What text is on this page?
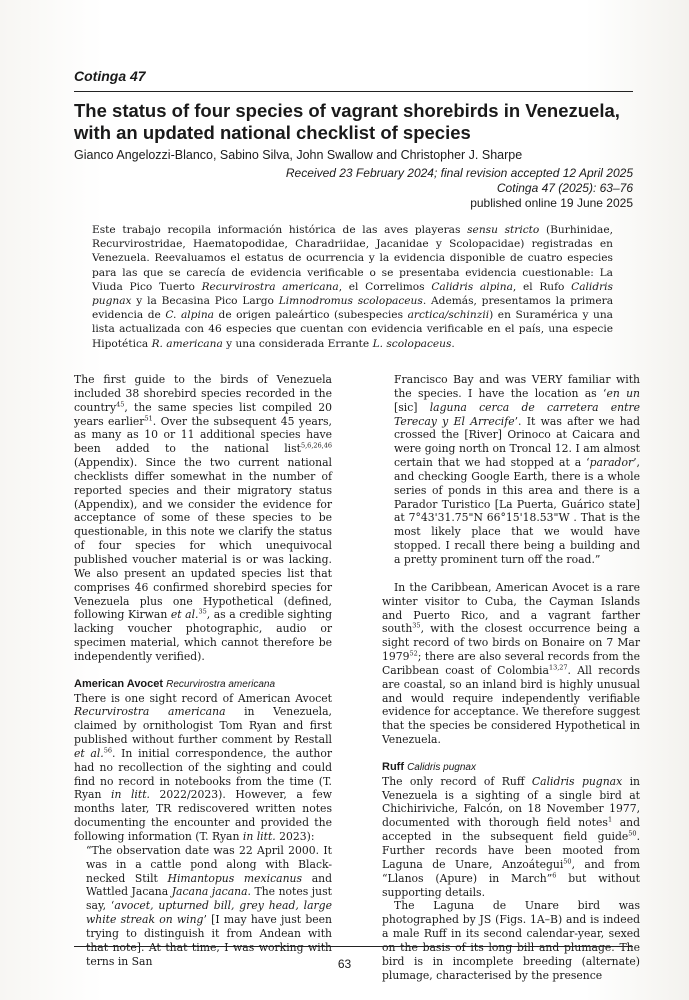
Cotinga 47
The status of four species of vagrant shorebirds in Venezuela, with an updated national checklist of species
Gianco Angelozzi-Blanco, Sabino Silva, John Swallow and Christopher J. Sharpe
Received 23 February 2024; final revision accepted 12 April 2025
Cotinga 47 (2025): 63–76
published online 19 June 2025
Este trabajo recopila información histórica de las aves playeras sensu stricto (Burhinidae, Recurvirostridae, Haematopodidae, Charadriidae, Jacanidae y Scolopacidae) registradas en Venezuela. Reevaluamos el estatus de ocurrencia y la evidencia disponible de cuatro especies para las que se carecía de evidencia verificable o se presentaba evidencia cuestionable: La Viuda Pico Tuerto Recurvirostra americana, el Correlimos Calidris alpina, el Rufo Calidris pugnax y la Becasina Pico Largo Limnodromus scolopaceus. Además, presentamos la primera evidencia de C. alpina de origen paleártico (subespecies arctica/schinzii) en Suramérica y una lista actualizada con 46 especies que cuentan con evidencia verificable en el país, una especie Hipotética R. americana y una considerada Errante L. scolopaceus.

The first guide to the birds of Venezuela included 38 shorebird species recorded in the country$^{45}$, the same species list compiled 20 years earlier$^{51}$. Over the subsequent 45 years, as many as 10 or 11 additional species have been added to the national list$^{5,6,26,46}$ (Appendix). Since the two current national checklists differ somewhat in the number of reported species and their migratory status (Appendix), and we consider the evidence for acceptance of some of these species to be questionable, in this note we clarify the status of four species for which unequivocal published voucher material is or was lacking. We also present an updated species list that comprises 46 confirmed shorebird species for Venezuela plus one Hypothetical (defined, following Kirwan et al.$^{35}$, as a credible sighting lacking voucher photographic, audio or specimen material, which cannot therefore be independently verified).

American Avocet Recurvirostra americana

There is one sight record of American Avocet Recurvirostra americana in Venezuela, claimed by ornithologist Tom Ryan and first published without further comment by Restall et al.$^{56}$. In initial correspondence, the author had no recollection of the sighting and could find no record in notebooks from the time (T. Ryan in litt. 2022/2023). However, a few months later, TR rediscovered written notes documenting the encounter and provided the following information (T. Ryan in litt. 2023):

“The observation date was 22 April 2000. It was in a cattle pond along with Black-necked Stilt Himantopus mexicanus and Wattled Jacana Jacana jacana. The notes just say, ‘avocet, upturned bill, grey head, large white streak on wing’ [I may have just been trying to distinguish it from Andean with that note]. At that time, I was working with terns in San

Francisco Bay and was VERY familiar with the species. I have the location as ‘en un [sic] laguna cerca de carretera entre Terecay y El Arrecife’. It was after we had crossed the [River] Orinoco at Caicara and were going north on Troncal 12. I am almost certain that we had stopped at a ‘parador’, and checking Google Earth, there is a whole series of ponds in this area and there is a Parador Turistico [La Puerta, Guárico state] at 7°43'31.75"N 66°15'18.53"W . That is the most likely place that we would have stopped. I recall there being a building and a pretty prominent turn off the road.”

In the Caribbean, American Avocet is a rare winter visitor to Cuba, the Cayman Islands and Puerto Rico, and a vagrant farther south$^{35}$, with the closest occurrence being a sight record of two birds on Bonaire on 7 Mar 1979$^{52}$; there are also several records from the Caribbean coast of Colombia$^{13,27}$. All records are coastal, so an inland bird is highly unusual and would require independently verifiable evidence for acceptance. We therefore suggest that the species be considered Hypothetical in Venezuela.

Ruff Calidris pugnax

The only record of Ruff Calidris pugnax in Venezuela is a sighting of a single bird at Chichiriviche, Falcón, on 18 November 1977, documented with thorough field notes$^1$ and accepted in the subsequent field guide$^{50}$. Further records have been mooted from Laguna de Unare, Anzoátegui$^{50}$, and from “Llanos (Apure) in March”$^6$ but without supporting details.

The Laguna de Unare bird was photographed by JS (Figs. 1A–B) and is indeed a male Ruff in its second calendar-year, sexed on the basis of its long bill and plumage. The bird is in incomplete breeding (alternate) plumage, characterised by the presence

63
